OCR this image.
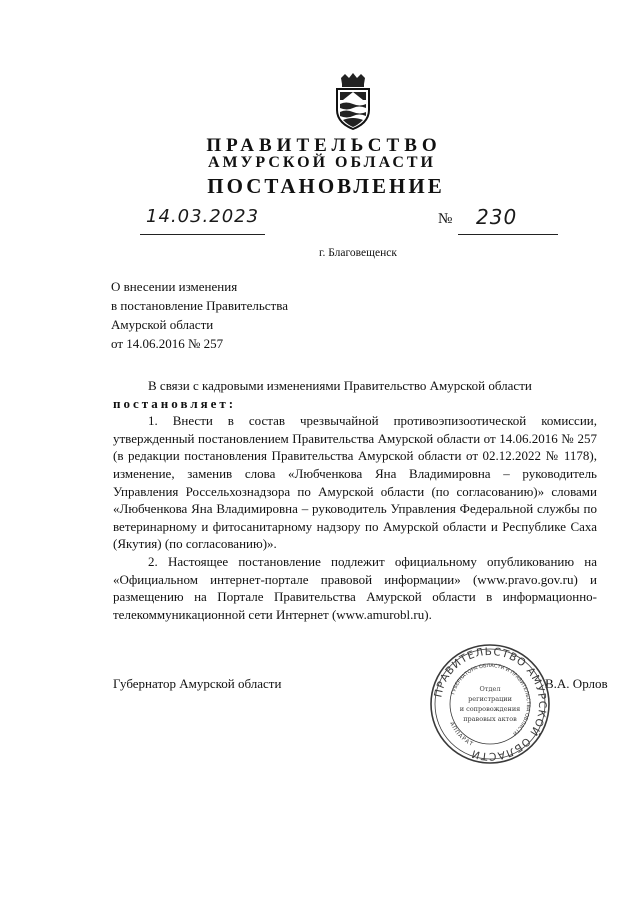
ПРАВИТЕЛЬСТВО
АМУРСКОЙ ОБЛАСТИ
ПОСТАНОВЛЕНИЕ
14.03.2023	№ 230
г. Благовещенск
О внесении изменения
в постановление Правительства
Амурской области
от 14.06.2016 № 257

В связи с кадровыми изменениями Правительство Амурской области

постановляет:

1. Внести в состав чрезвычайной противоэпизоотической комиссии, утвержденный постановлением Правительства Амурской области от 14.06.2016 № 257 (в редакции постановления Правительства Амурской области от 02.12.2022 № 1178), изменение, заменив слова «Любченкова Яна Владимировна – руководитель Управления Россельхознадзора по Амурской области (по согласованию)» словами «Любченкова Яна Владимировна – руководитель Управления Федеральной службы по ветеринарному и фитосанитарному надзору по Амурской области и Республике Саха (Якутия) (по согласованию)».

2. Настоящее постановление подлежит официальному опубликованию на «Официальном интернет-портале правовой информации» (www.pravo.gov.ru) и размещению на Портале Правительства Амурской области в информационно-телекоммуникационной сети Интернет (www.amurobl.ru).

Губернатор Амурской области	В.А. Орлов
ПРАВИТЕЛЬСТВО АМУРСКОЙ ОБЛАСТИ
ГУБЕРНАТОРА ОБЛАСТИ И ПРАВИТЕЛЬСТВА ОБЛАСТИ
АППАРАТ
Отдел
регистрации
и сопровождения
правовых актов
